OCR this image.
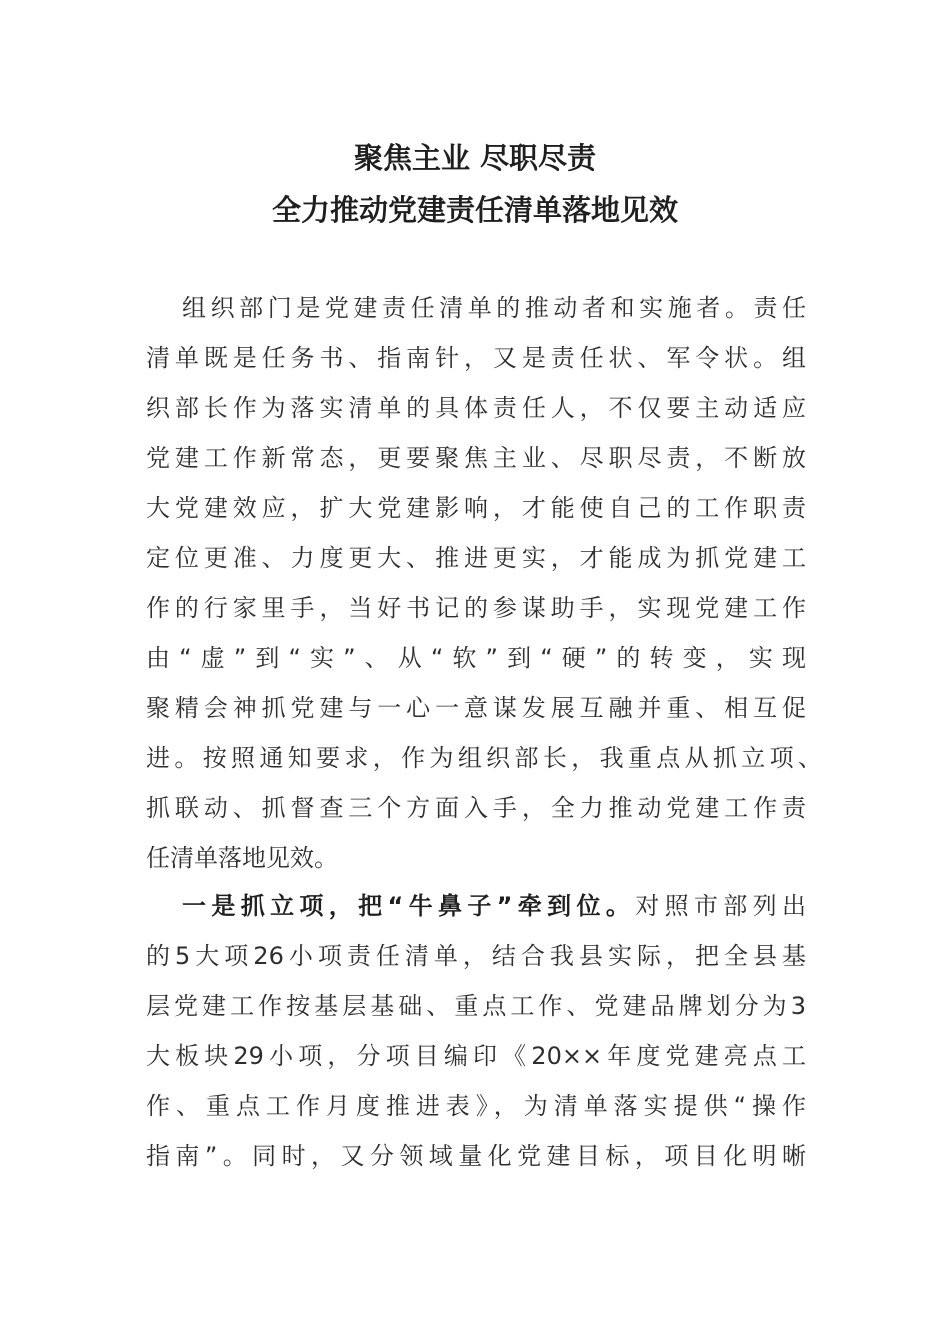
聚焦主业 尽职尽责
全力推动党建责任清单落地见效
组织部门是党建责任清单的推动者和实施者。责任
清单既是任务书、指南针，又是责任状、军令状。组
织部长作为落实清单的具体责任人，不仅要主动适应
党建工作新常态，更要聚焦主业、尽职尽责，不断放
大党建效应，扩大党建影响，才能使自己的工作职责
定位更准、力度更大、推进更实，才能成为抓党建工
作的行家里手，当好书记的参谋助手，实现党建工作
由“虚”到“实”、从“软”到“硬”的转变，实现
聚精会神抓党建与一心一意谋发展互融并重、相互促
进。按照通知要求，作为组织部长，我重点从抓立项、
抓联动、抓督查三个方面入手，全力推动党建工作责
任清单落地见效。
一是抓立项，把“牛鼻子”牵到位。对照市部列出
的5大项26小项责任清单，结合我县实际，把全县基
层党建工作按基层基础、重点工作、党建品牌划分为3
大板块29小项，分项目编印《20××年度党建亮点工
作、重点工作月度推进表》，为清单落实提供“操作
指南”。同时，又分领域量化党建目标，项目化明晰
